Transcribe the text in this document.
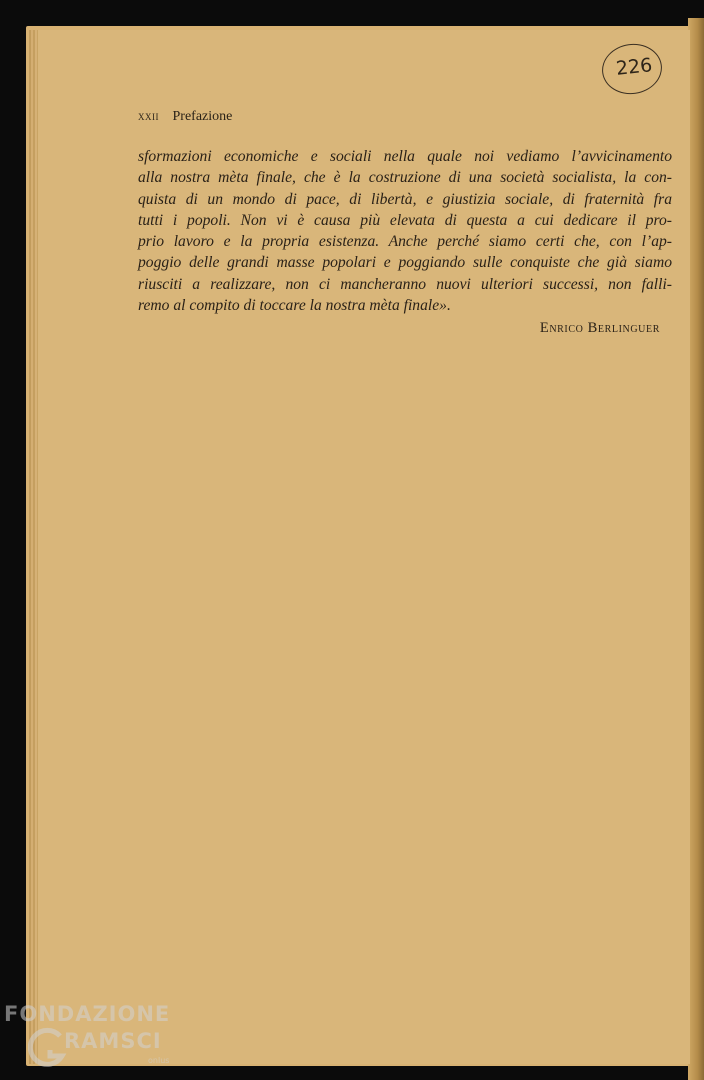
226
xxii Prefazione
sformazioni economiche e sociali nella quale noi vediamo l’avvicinamento
alla nostra mèta finale, che è la costruzione di una società socialista, la con-
quista di un mondo di pace, di libertà, e giustizia sociale, di fraternità fra
tutti i popoli. Non vi è causa più elevata di questa a cui dedicare il pro-
prio lavoro e la propria esistenza. Anche perché siamo certi che, con l’ap-
poggio delle grandi masse popolari e poggiando sulle conquiste che già siamo
riusciti a realizzare, non ci mancheranno nuovi ulteriori successi, non falli-
remo al compito di toccare la nostra mèta finale».
Enrico Berlinguer
FONDAZIONE
RAMSCI
onlus
